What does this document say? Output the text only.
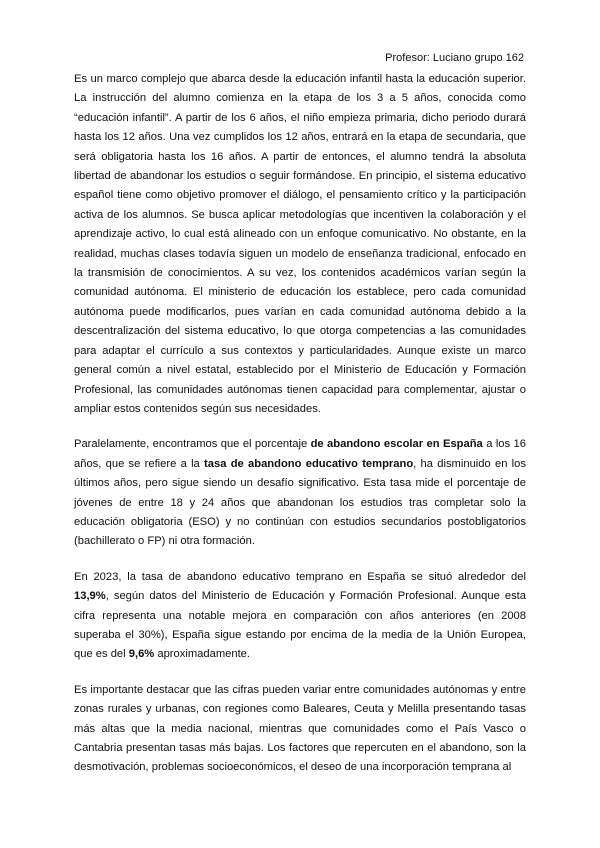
Profesor: Luciano grupo 162

Es un marco complejo que abarca desde la educación infantil hasta la educación superior. La instrucción del alumno comienza en la etapa de los 3 a 5 años, conocida como “educación infantil”. A partir de los 6 años, el niño empieza primaria, dicho periodo durará hasta los 12 años. Una vez cumplidos los 12 años, entrará en la etapa de secundaria, que será obligatoria hasta los 16 años. A partir de entonces, el alumno tendrá la absoluta libertad de abandonar los estudios o seguir formándose. En principio, el sistema educativo español tiene como objetivo promover el diálogo, el pensamiento crítico y la participación activa de los alumnos. Se busca aplicar metodologías que incentiven la colaboración y el aprendizaje activo, lo cual está alineado con un enfoque comunicativo. No obstante, en la realidad, muchas clases todavía siguen un modelo de enseñanza tradicional, enfocado en la transmisión de conocimientos. A su vez, los contenidos académicos varían según la comunidad autónoma. El ministerio de educación los establece, pero cada comunidad autónoma puede modificarlos, pues varían en cada comunidad autónoma debido a la descentralización del sistema educativo, lo que otorga competencias a las comunidades para adaptar el currículo a sus contextos y particularidades. Aunque existe un marco general común a nivel estatal, establecido por el Ministerio de Educación y Formación Profesional, las comunidades autónomas tienen capacidad para complementar, ajustar o ampliar estos contenidos según sus necesidades.

Paralelamente, encontramos que el porcentaje de abandono escolar en España a los 16 años, que se refiere a la tasa de abandono educativo temprano, ha disminuido en los últimos años, pero sigue siendo un desafío significativo. Esta tasa mide el porcentaje de jóvenes de entre 18 y 24 años que abandonan los estudios tras completar solo la educación obligatoria (ESO) y no continúan con estudios secundarios postobligatorios (bachillerato o FP) ni otra formación.

En 2023, la tasa de abandono educativo temprano en España se situó alrededor del 13,9%, según datos del Ministerio de Educación y Formación Profesional. Aunque esta cifra representa una notable mejora en comparación con años anteriores (en 2008 superaba el 30%), España sigue estando por encima de la media de la Unión Europea, que es del 9,6% aproximadamente.

Es importante destacar que las cifras pueden variar entre comunidades autónomas y entre zonas rurales y urbanas, con regiones como Baleares, Ceuta y Melilla presentando tasas más altas que la media nacional, mientras que comunidades como el País Vasco o Cantabria presentan tasas más bajas. Los factores que repercuten en el abandono, son la desmotivación, problemas socioeconómicos, el deseo de una incorporación temprana al
